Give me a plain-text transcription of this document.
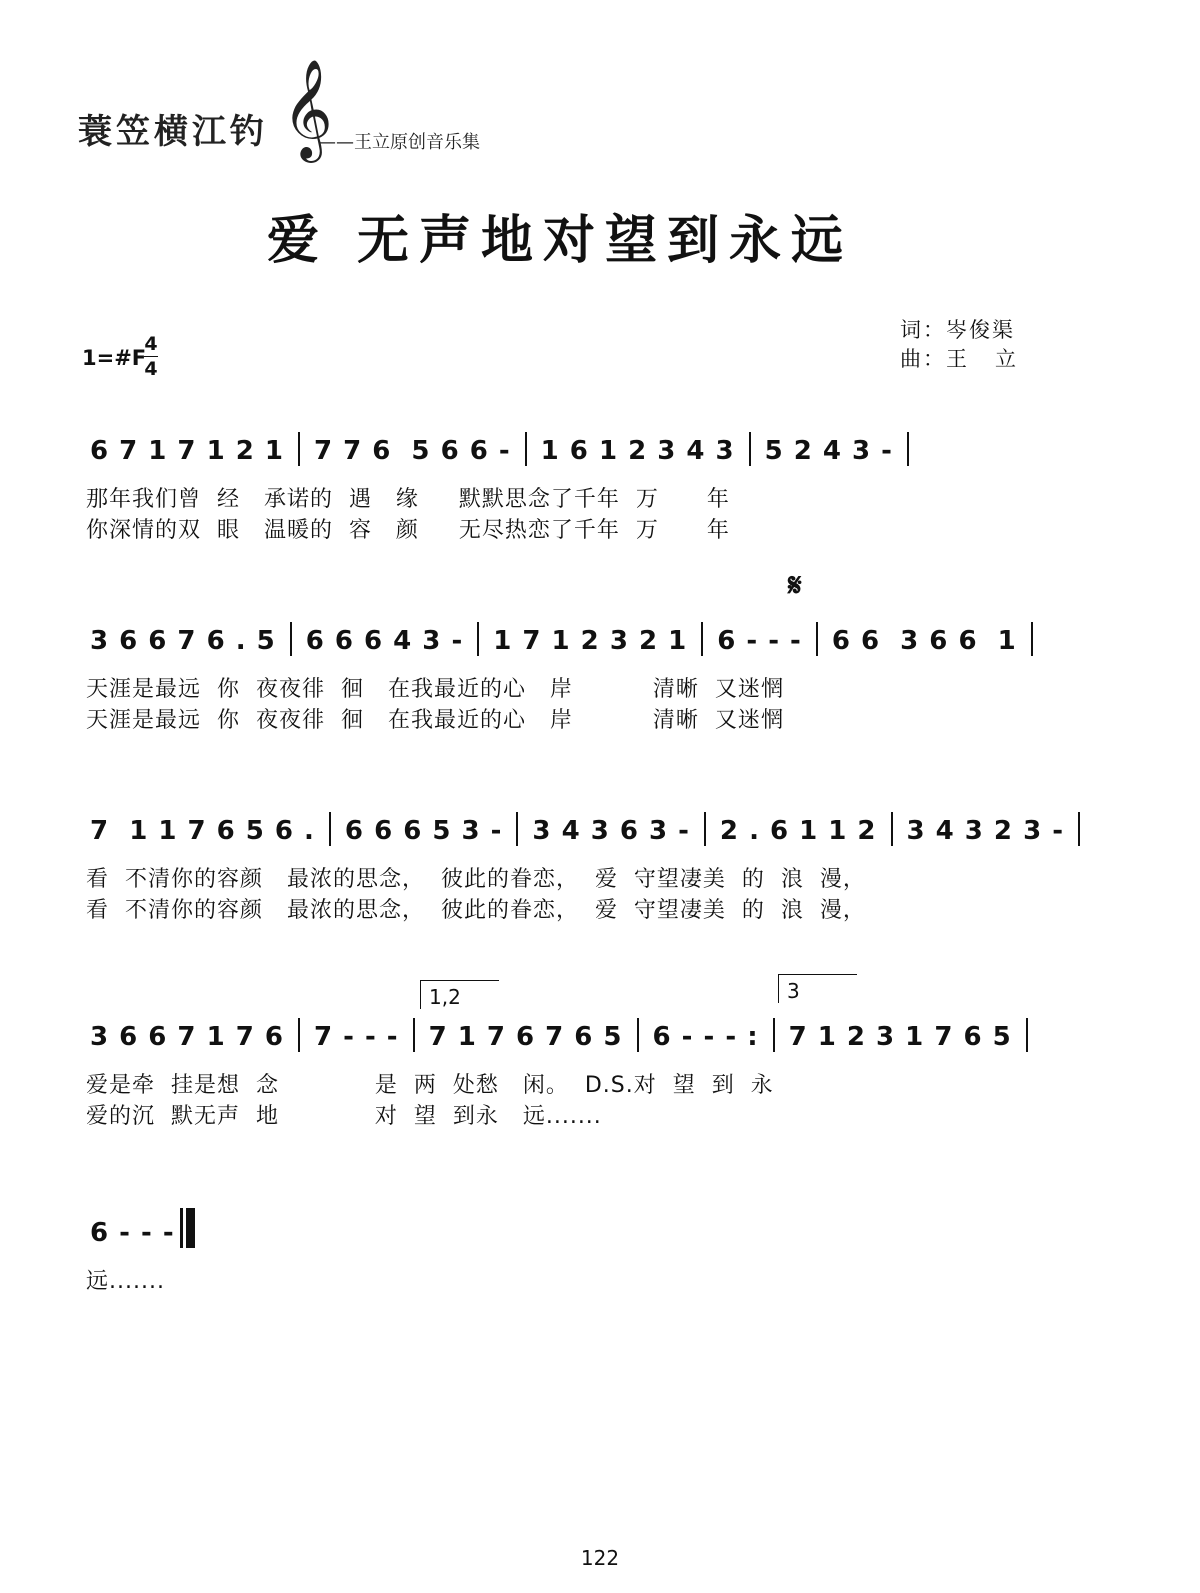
蓑笠横江钓 𝄞
——王立原创音乐集
爱 无声地对望到永远
词：岑俊渠
曲：王   立
1=#F
4
4
6 7 1 7 1 2 1 7 7 6  5 6 6 - 1 6 1 2 3 4 3 5 2 4 3 -
那年我们曾  经   承诺的  遇   缘     默默思念了千年  万      年
你深情的双  眼   温暖的  容   颜     无尽热恋了千年  万      年
𝄋
3 6 6 7 6 . 5 6 6 6 4 3 - 1 7 1 2 3 2 1 6 - - - 6 6  3 6 6  1
天涯是最远  你  夜夜徘  徊   在我最近的心   岸          清晰  又迷惘
天涯是最远  你  夜夜徘  徊   在我最近的心   岸          清晰  又迷惘
7  1 1 7 6 5 6 . 6 6 6 5 3 - 3 4 3 6 3 - 2 . 6 1 1 2 3 4 3 2 3 -
看  不清你的容颜   最浓的思念，  彼此的眷恋，  爱  守望凄美  的  浪  漫，
看  不清你的容颜   最浓的思念，  彼此的眷恋，  爱  守望凄美  的  浪  漫，
1,2	3
3 6 6 7 1 7 6 7 - - - 7 1 7 6 7 6 5 6 - - - : 7 1 2 3 1 7 6 5
爱是牵  挂是想  念            是  两  处愁   闲。  D.S.对  望  到  永
爱的沉  默无声  地            对  望  到永   远.......
6 - - -
远.......
122
